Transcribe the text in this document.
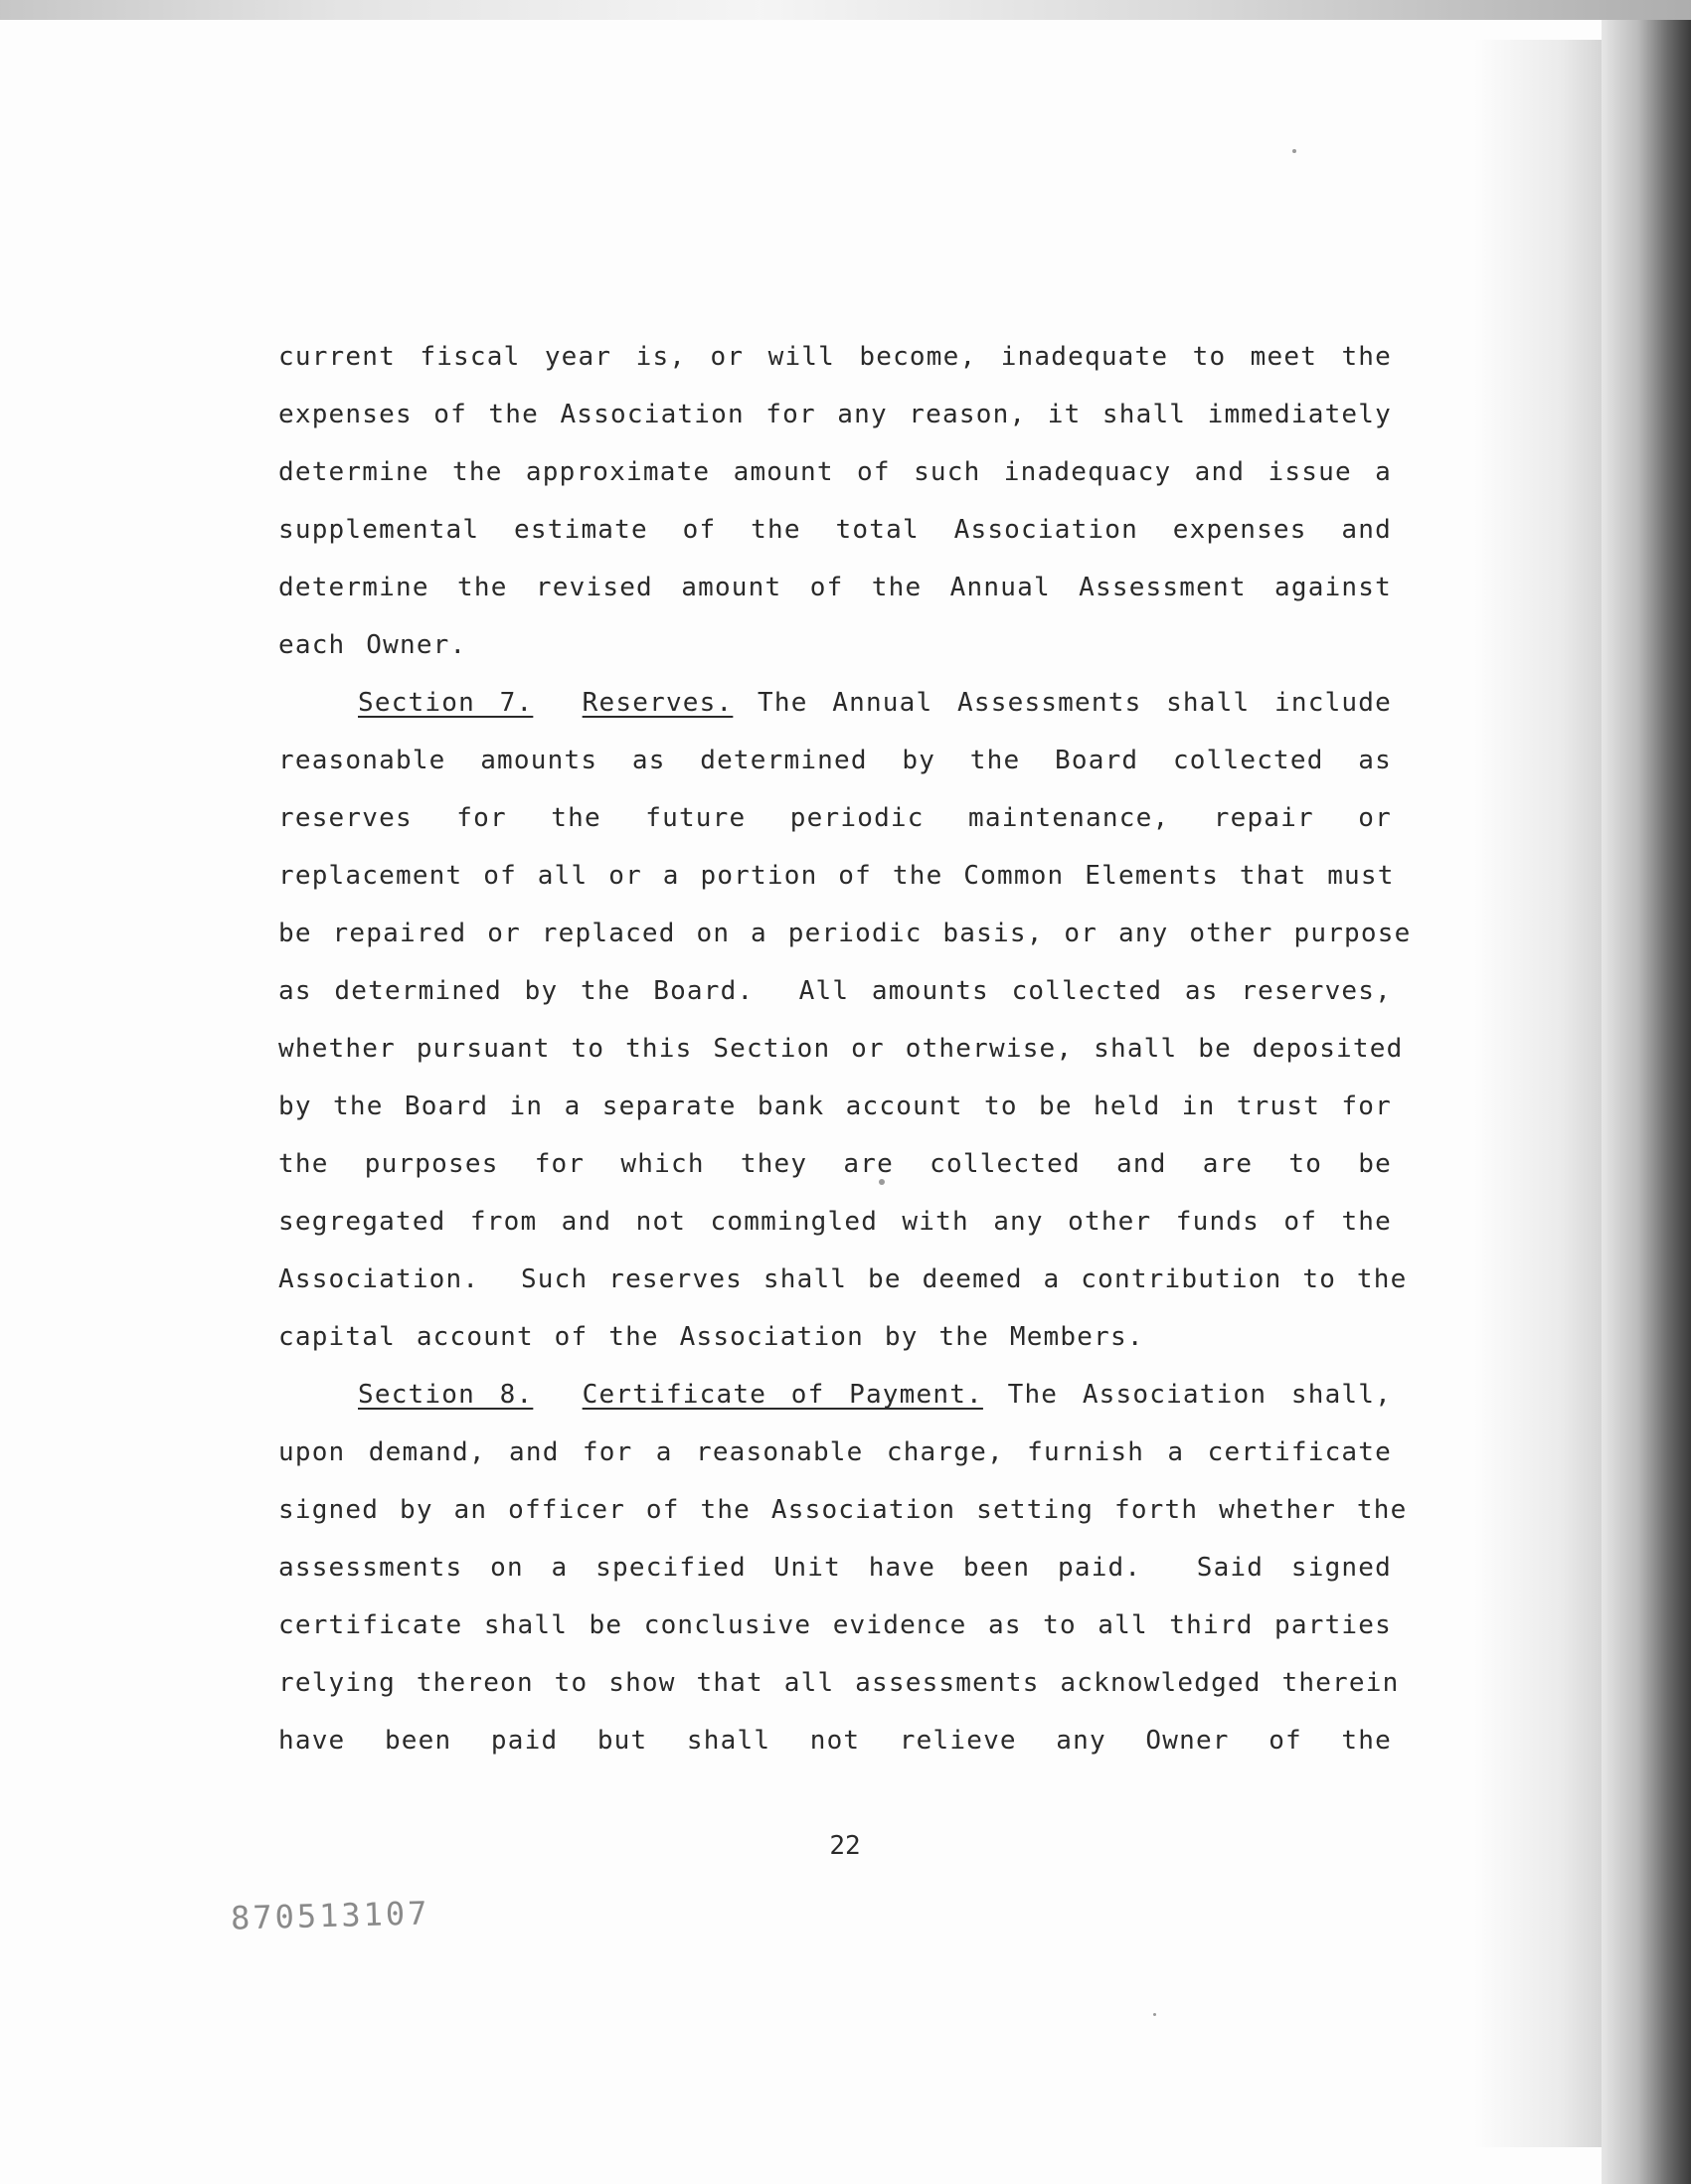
current fiscal year is, or will become, inadequate to meet the
expenses of the Association for any reason, it shall immediately
determine the approximate amount of such inadequacy and issue a
supplemental estimate of the total Association expenses and
determine the revised amount of the Annual Assessment against
each Owner.
Section 7. Reserves. The Annual Assessments shall include
reasonable amounts as determined by the Board collected as
reserves for the future periodic maintenance, repair or
replacement of all or a portion of the Common Elements that must
be repaired or replaced on a periodic basis, or any other purpose
as determined by the Board.  All amounts collected as reserves,
whether pursuant to this Section or otherwise, shall be deposited
by the Board in a separate bank account to be held in trust for
the purposes for which they are collected and are to be
segregated from and not commingled with any other funds of the
Association.  Such reserves shall be deemed a contribution to the
capital account of the Association by the Members.
Section 8. Certificate of Payment. The Association shall,
upon demand, and for a reasonable charge, furnish a certificate
signed by an officer of the Association setting forth whether the
assessments on a specified Unit have been paid.  Said signed
certificate shall be conclusive evidence as to all third parties
relying thereon to show that all assessments acknowledged therein
have been paid but shall not relieve any Owner of the
22
870513107
